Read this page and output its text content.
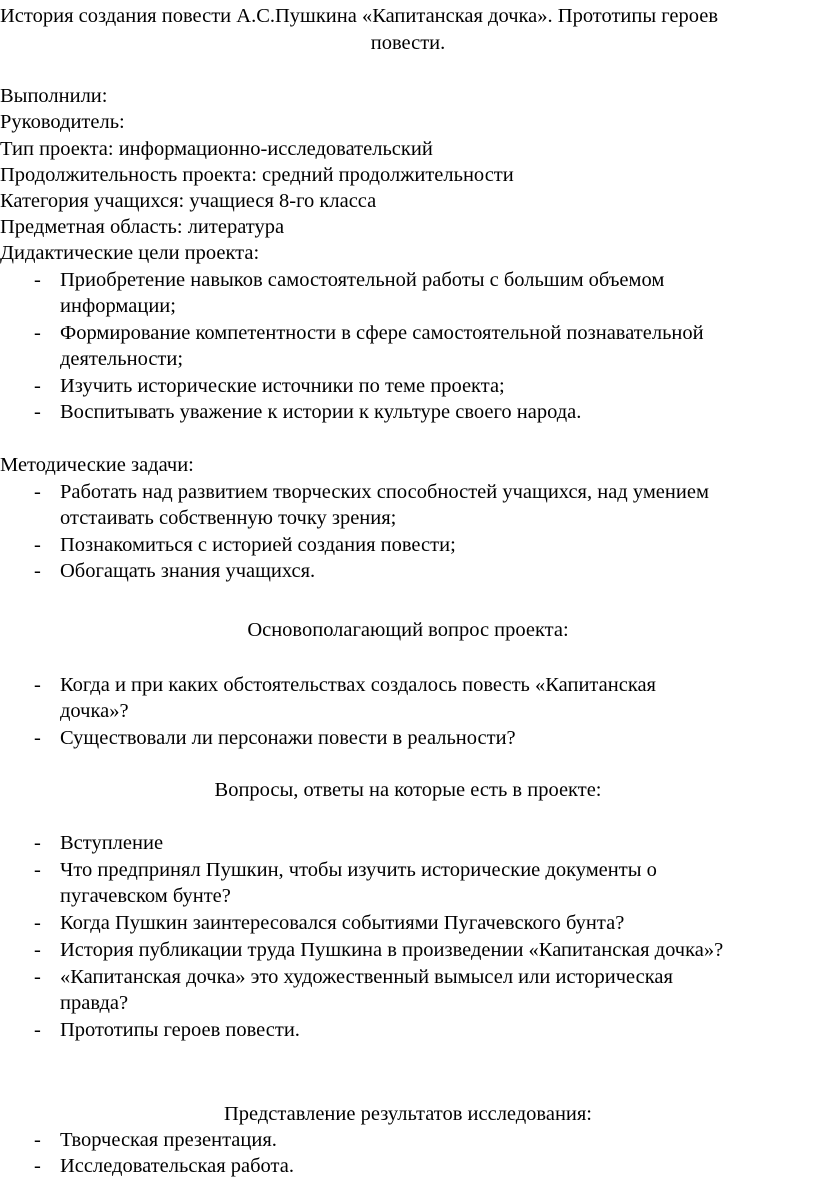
История создания повести А.С.Пушкина «Капитанская дочка». Прототипы героев
повести.
Выполнили:
Руководитель:
Тип проекта: информационно-исследовательский
Продолжительность проекта: средний продолжительности
Категория учащихся: учащиеся 8-го класса
Предметная область: литература
Дидактические цели проекта:
- Приобретение навыков самостоятельной работы с большим объемом
информации;
- Формирование компетентности в сфере самостоятельной познавательной
деятельности;
- Изучить исторические источники по теме проекта;
- Воспитывать уважение к истории к культуре своего народа.
Методические задачи:
- Работать над развитием творческих способностей учащихся, над умением
отстаивать собственную точку зрения;
- Познакомиться с историей создания повести;
- Обогащать знания учащихся.
Основополагающий вопрос проекта:
- Когда и при каких обстоятельствах создалось повесть «Капитанская
дочка»?
- Существовали ли персонажи повести в реальности?
Вопросы, ответы на которые есть в проекте:
- Вступление
- Что предпринял Пушкин, чтобы изучить исторические документы о
пугачевском бунте?
- Когда Пушкин заинтересовался событиями Пугачевского бунта?
- История публикации труда Пушкина в произведении «Капитанская дочка»?
- «Капитанская дочка» это художественный вымысел или историческая
правда?
- Прототипы героев повести.
Представление результатов исследования:
- Творческая презентация.
- Исследовательская работа.
